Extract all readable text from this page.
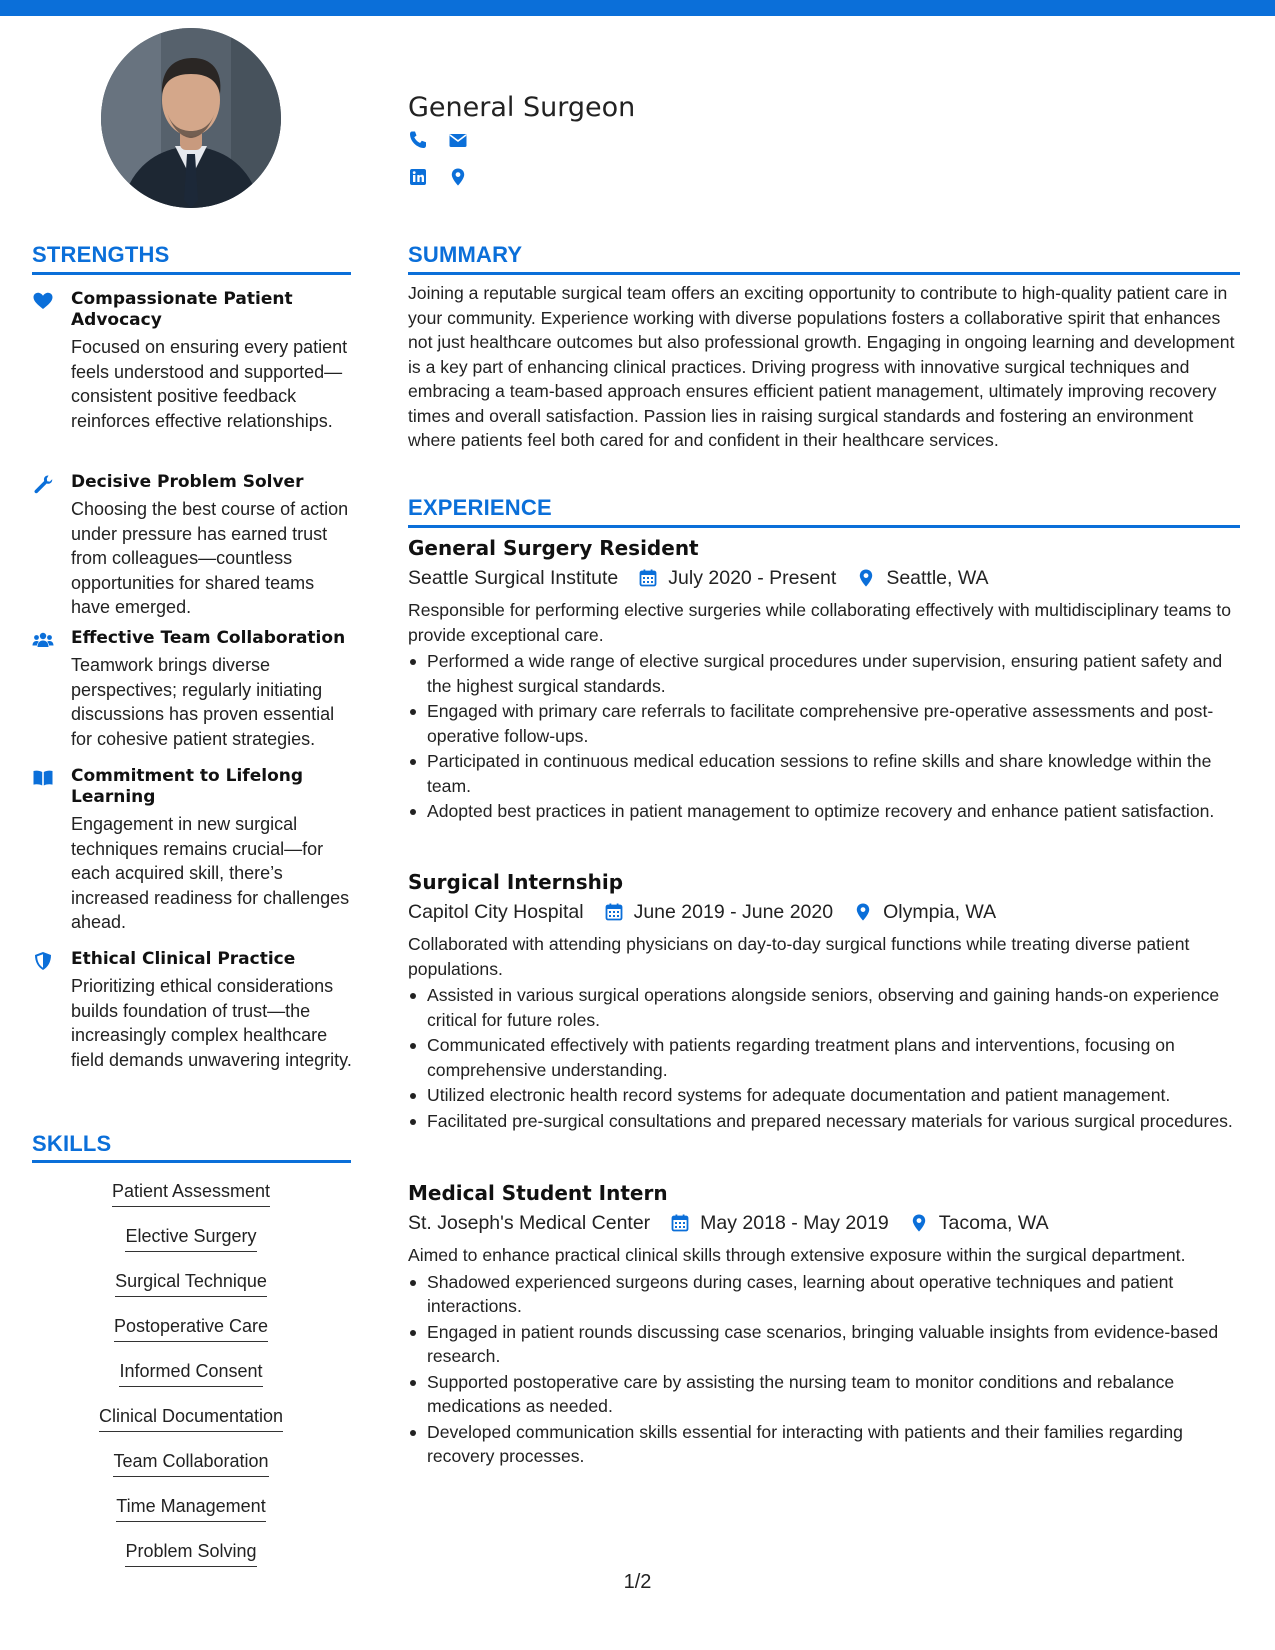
General Surgeon
STRENGTHS
Compassionate Patient Advocacy
Focused on ensuring every patient feels understood and supported—consistent positive feedback reinforces effective relationships.
Decisive Problem Solver
Choosing the best course of action under pressure has earned trust from colleagues—countless opportunities for shared teams have emerged.
Effective Team Collaboration
Teamwork brings diverse perspectives; regularly initiating discussions has proven essential for cohesive patient strategies.
Commitment to Lifelong Learning
Engagement in new surgical techniques remains crucial—for each acquired skill, there’s increased readiness for challenges ahead.
Ethical Clinical Practice
Prioritizing ethical considerations builds foundation of trust—the increasingly complex healthcare field demands unwavering integrity.
SKILLS
Patient Assessment
Elective Surgery
Surgical Technique
Postoperative Care
Informed Consent
Clinical Documentation
Team Collaboration
Time Management
Problem Solving
SUMMARY

Joining a reputable surgical team offers an exciting opportunity to contribute to high-quality patient care in your community. Experience working with diverse populations fosters a collaborative spirit that enhances not just healthcare outcomes but also professional growth. Engaging in ongoing learning and development is a key part of enhancing clinical practices. Driving progress with innovative surgical techniques and embracing a team-based approach ensures efficient patient management, ultimately improving recovery times and overall satisfaction. Passion lies in raising surgical standards and fostering an environment where patients feel both cared for and confident in their healthcare services.

EXPERIENCE
General Surgery Resident
Seattle Surgical Institute	July 2020 - Present	Seattle, WA

Responsible for performing elective surgeries while collaborating effectively with multidisciplinary teams to provide exceptional care.

Performed a wide range of elective surgical procedures under supervision, ensuring patient safety and the highest surgical standards.
Engaged with primary care referrals to facilitate comprehensive pre-operative assessments and post-operative follow-ups.
Participated in continuous medical education sessions to refine skills and share knowledge within the team.
Adopted best practices in patient management to optimize recovery and enhance patient satisfaction.
Surgical Internship
Capitol City Hospital	June 2019 - June 2020	Olympia, WA

Collaborated with attending physicians on day-to-day surgical functions while treating diverse patient populations.

Assisted in various surgical operations alongside seniors, observing and gaining hands-on experience critical for future roles.
Communicated effectively with patients regarding treatment plans and interventions, focusing on comprehensive understanding.
Utilized electronic health record systems for adequate documentation and patient management.
Facilitated pre-surgical consultations and prepared necessary materials for various surgical procedures.
Medical Student Intern
St. Joseph's Medical Center	May 2018 - May 2019	Tacoma, WA

Aimed to enhance practical clinical skills through extensive exposure within the surgical department.

Shadowed experienced surgeons during cases, learning about operative techniques and patient interactions.
Engaged in patient rounds discussing case scenarios, bringing valuable insights from evidence-based research.
Supported postoperative care by assisting the nursing team to monitor conditions and rebalance medications as needed.
Developed communication skills essential for interacting with patients and their families regarding recovery processes.
1/2
